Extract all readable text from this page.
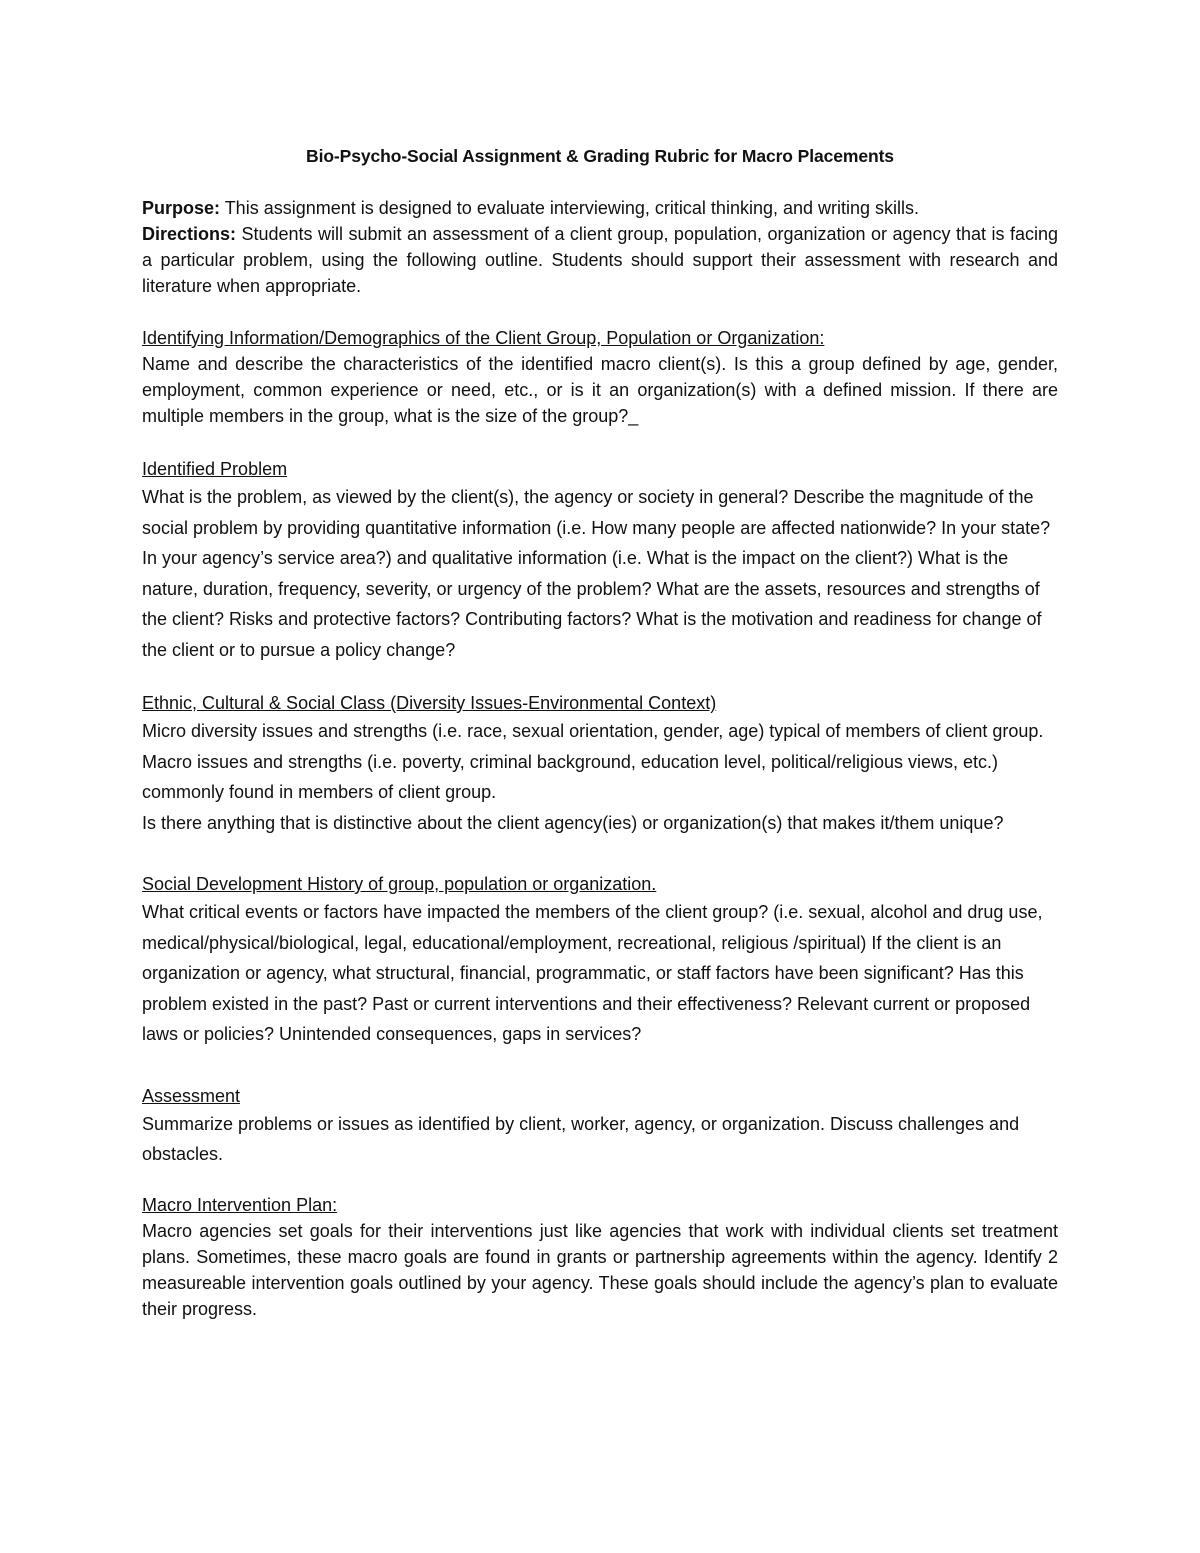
Bio-Psycho-Social Assignment & Grading Rubric for Macro Placements

Purpose: This assignment is designed to evaluate interviewing, critical thinking, and writing skills.

Directions: Students will submit an assessment of a client group, population, organization or agency that is facing a particular problem, using the following outline. Students should support their assessment with research and literature when appropriate.

Identifying Information/Demographics of the Client Group, Population or Organization:

Name and describe the characteristics of the identified macro client(s). Is this a group defined by age, gender, employment, common experience or need, etc., or is it an organization(s) with a defined mission. If there are multiple members in the group, what is the size of the group?_

Identified Problem

What is the problem, as viewed by the client(s), the agency or society in general? Describe the magnitude of the social problem by providing quantitative information (i.e. How many people are affected nationwide? In your state? In your agency’s service area?) and qualitative information (i.e. What is the impact on the client?) What is the nature, duration, frequency, severity, or urgency of the problem? What are the assets, resources and strengths of the client? Risks and protective factors? Contributing factors? What is the motivation and readiness for change of the client or to pursue a policy change?

Ethnic, Cultural & Social Class (Diversity Issues-Environmental Context)

Micro diversity issues and strengths (i.e. race, sexual orientation, gender, age) typical of members of client group. Macro issues and strengths (i.e. poverty, criminal background, education level, political/religious views, etc.) commonly found in members of client group.

Is there anything that is distinctive about the client agency(ies) or organization(s) that makes it/them unique?

Social Development History of group, population or organization.

What critical events or factors have impacted the members of the client group? (i.e. sexual, alcohol and drug use, medical/physical/biological, legal, educational/employment, recreational, religious /spiritual) If the client is an organization or agency, what structural, financial, programmatic, or staff factors have been significant? Has this problem existed in the past? Past or current interventions and their effectiveness? Relevant current or proposed laws or policies? Unintended consequences, gaps in services?

Assessment

Summarize problems or issues as identified by client, worker, agency, or organization. Discuss challenges and obstacles.

Macro Intervention Plan:

Macro agencies set goals for their interventions just like agencies that work with individual clients set treatment plans. Sometimes, these macro goals are found in grants or partnership agreements within the agency. Identify 2 measureable intervention goals outlined by your agency. These goals should include the agency’s plan to evaluate their progress.
